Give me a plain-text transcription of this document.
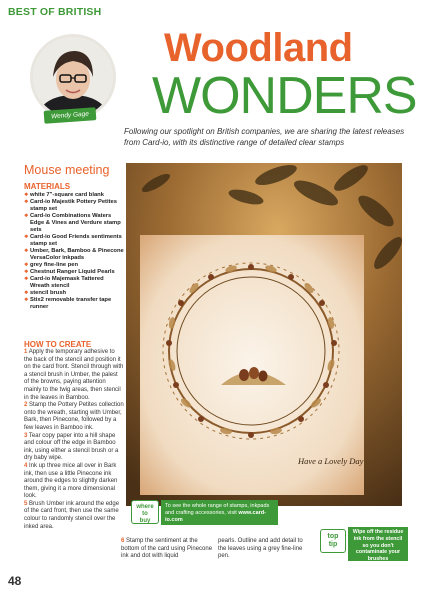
BEST OF BRITISH
Wendy Gage
Woodland
WONDERS
Following our spotlight on British companies, we are sharing the latest releases from Card-io, with its distinctive range of detailed clear stamps
Mouse meeting
MATERIALS
❖ white 7"-square card blank
❖ Card-io Majestik Pottery Petites stamp set
❖ Card-io Combinations Waters Edge & Vines and Verdure stamp sets
❖ Card-io Good Friends sentiments stamp set
❖ Umber, Bark, Bamboo & Pinecone VersaColor inkpads
❖ grey fine-line pen
❖ Chestnut Ranger Liquid Pearls
❖ Card-io Majemask Tattered Wreath stencil
❖ stencil brush
❖ Stix2 removable transfer tape runner
HOW TO CREATE
1 Apply the temporary adhesive to the back of the stencil and position it on the card front. Stencil through with a stencil brush in Umber, the palest of the browns, paying attention mainly to the twig areas, then stencil in the leaves in Bamboo.
2 Stamp the Pottery Petites collection onto the wreath, starting with Umber, Bark, then Pinecone, followed by a few leaves in Bamboo ink.
3 Tear copy paper into a hill shape and colour off the edge in Bamboo ink, using either a stencil brush or a dry baby wipe.
4 Ink up three mice all over in Bark ink, then use a little Pinecone ink around the edges to slightly darken them, giving it a more dimensional look.
5 Brush Umber ink around the edge of the card front, then use the same colour to randomly stencil over the inked area.
Have a Lovely Day
where
to
buy
To see the whole range of stamps, inkpads and crafting accessories, visit www.card-io.com
6 Stamp the sentiment at the bottom of the card using Pinecone ink and dot with liquid
pearls. Outline and add detail to the leaves using a grey fine-line pen.
top
tip
Wipe off the residue ink from the stencil so you don't contaminate your brushes
48
